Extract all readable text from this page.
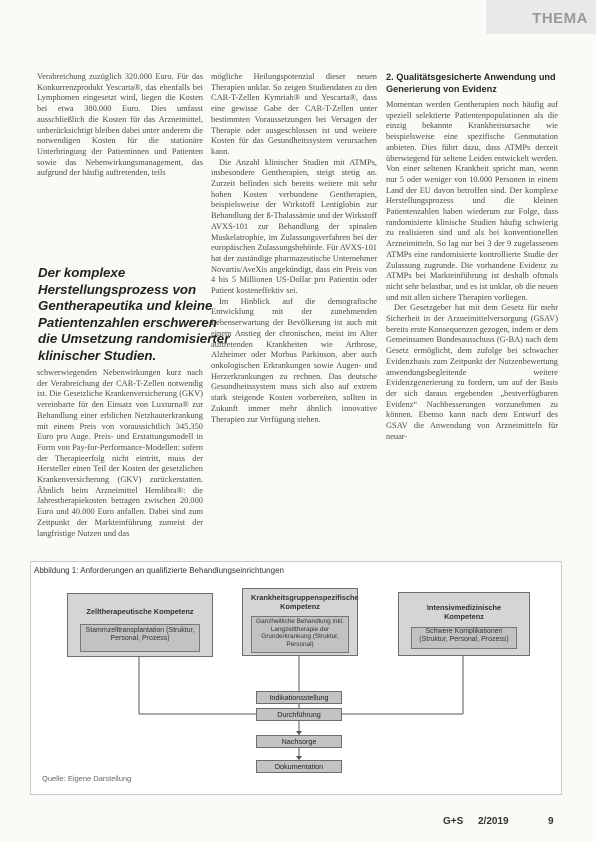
THEMA

Verabreichung zuzüglich 320.000 Euro. Für das Konkurrenzprodukt Yescarta®, das ebenfalls bei Lymphomen eingesetzt wird, liegen die Kosten bei etwa 380.000 Euro. Dies umfasst ausschließlich die Kosten für das Arzneimittel, unberücksichtigt bleiben dabei unter anderem die notwendigen Kosten für die stationäre Unterbringung der Patientinnen und Patienten sowie das Nebenwirkungsmanagement, das aufgrund der häufig auftretenden, teils

Der komplexe Herstellungsprozess von Gentherapeutika und kleine Patientenzahlen erschweren die Umsetzung randomisierter klinischer Studien.

schwerwiegenden Nebenwirkungen kurz nach der Verabreichung der CAR-T-Zellen notwendig ist. Die Gesetzliche Krankenversicherung (GKV) vereinbarte für den Einsatz von Luxturna® zur Behandlung einer erblichen Netzhauterkrankung mit einem Preis von voraussichtlich 345.350 Euro pro Auge. Preis- und Erstattungsmodell in Form von Pay-for-Performance-Modellen: sofern der Therapieerfolg nicht eintritt, muss der Hersteller einen Teil der Kosten der gesetzlichen Krankenversicherung (GKV) zurückerstatten. Ähnlich beim Arzneimittel Hemlibra®: die Jahrestherapiekosten betragen zwischen 20.000 Euro und 40.000 Euro anfallen. Dabei sind zum Zeitpunkt der Markteinführung zumeist der langfristige Nutzen und das

mögliche Heilungspotenzial dieser neuen Therapien unklar. So zeigen Studiendaten zu den CAR-T-Zellen Kymriah® und Yescarta®, dass eine gewisse Gabe der CAR-T-Zellen unter bestimmten Voraussetzungen bei Versagen der Therapie oder ausgeschlossen ist und weitere Kosten für das Gesundheitssystem verursachen kann.

Die Anzahl klinischer Studien mit ATMPs, insbesondere Gentherapien, steigt stetig an. Zurzeit befinden sich bereits weitere mit sehr hohen Kosten verbundene Gentherapien, beispielsweise der Wirkstoff Lentiglobin zur Behandlung der ß-Thalassämie und der Wirkstoff AVXS-101 zur Behandlung der spinalen Muskelatrophie, im Zulassungsverfahren bei der europäischen Zulassungsbehörde. Für AVXS-101 hat der zuständige pharmazeutische Unternehmer Novartis/AveXis angekündigt, dass ein Preis von 4 bis 5 Millionen US-Dollar pro Patientin oder Patient kosteneffektiv sei.

Im Hinblick auf die demografische Entwicklung mit der zunehmenden Lebenserwartung der Bevölkerung ist auch mit einem Anstieg der chronischen, meist im Alter auftretenden Krankheiten wie Arthrose, Alzheimer oder Morbus Parkinson, aber auch onkologischen Erkrankungen sowie Augen- und Herzerkrankungen zu rechnen. Das deutsche Gesundheitssystem muss sich also auf extrem stark steigende Kosten vorbereiten, sollten in Zukunft immer mehr ähnlich innovative Therapien zur Verfügung stehen.

2. Qualitätsgesicherte Anwendung und Generierung von Evidenz

Momentan werden Gentherapien noch häufig auf speziell selektierte Patientenpopulationen als die einzig bekannte Krankheitsursache wie beispielsweise eine spezifische Genmutation anbieten. Dies führt dazu, dass ATMPs derzeit überwiegend für seltene Leiden entwickelt werden. Von einer seltenen Krankheit spricht man, wenn nur 5 oder weniger von 10.000 Personen in einem Land der EU davon betroffen sind. Der komplexe Herstellungsprozess und die kleinen Patientenzahlen haben wiederum zur Folge, dass randomisierte klinische Studien häufig schwierig zu realisieren sind und als bei konventionellen Arzneimitteln. So lag nur bei 3 der 9 zugelassenen ATMPs eine randomisierte kontrollierte Studie der Zulassung zugrunde. Die vorhandene Evidenz zu ATMPs bei Markteinführung ist deshalb oftmals nicht sehr belastbar, und es ist unklar, ob die neuen und mit allen sichere Therapien vorliegen.

Der Gesetzgeber hat mit dem Gesetz für mehr Sicherheit in der Arzneimittelversorgung (GSAV) bereits erste Konsequenzen gezogen, indem er dem Gemeinsamen Bundesausschuss (G-BA) nach dem Gesetz ermöglicht, dem zufolge bei schwacher Evidenzbasis zum Zeitpunkt der Nutzenbewertung anwendungsbegleitende weitere Evidenzgenerierung zu fordern, um auf der Basis der sich daraus ergebenden „bestverfügbaren Evidenz“ Nachbesserungen vorzunehmen zu können. Ebenso kann nach dem Entwurf des GSAV die Anwendung von Arzneimitteln für neuar-

Abbildung 1: Anforderungen an qualifizierte Behandlungseinrichtungen
Zelltherapeutische Kompetenz
Stammzelltransplantation (Struktur, Personal, Prozess)
Krankheitsgruppenspezifische Kompetenz
Ganzheitliche Behandlung inkl. Langzeittherapie der Grunderkrankung (Struktur, Personal)
Intensivmedizinische Kompetenz
Schwere Komplikationen (Struktur, Personal, Prozess)
Indikationsstellung
Durchführung
Nachsorge
Dokumentation
Quelle: Eigene Darstellung
G+S 2/2019	9
